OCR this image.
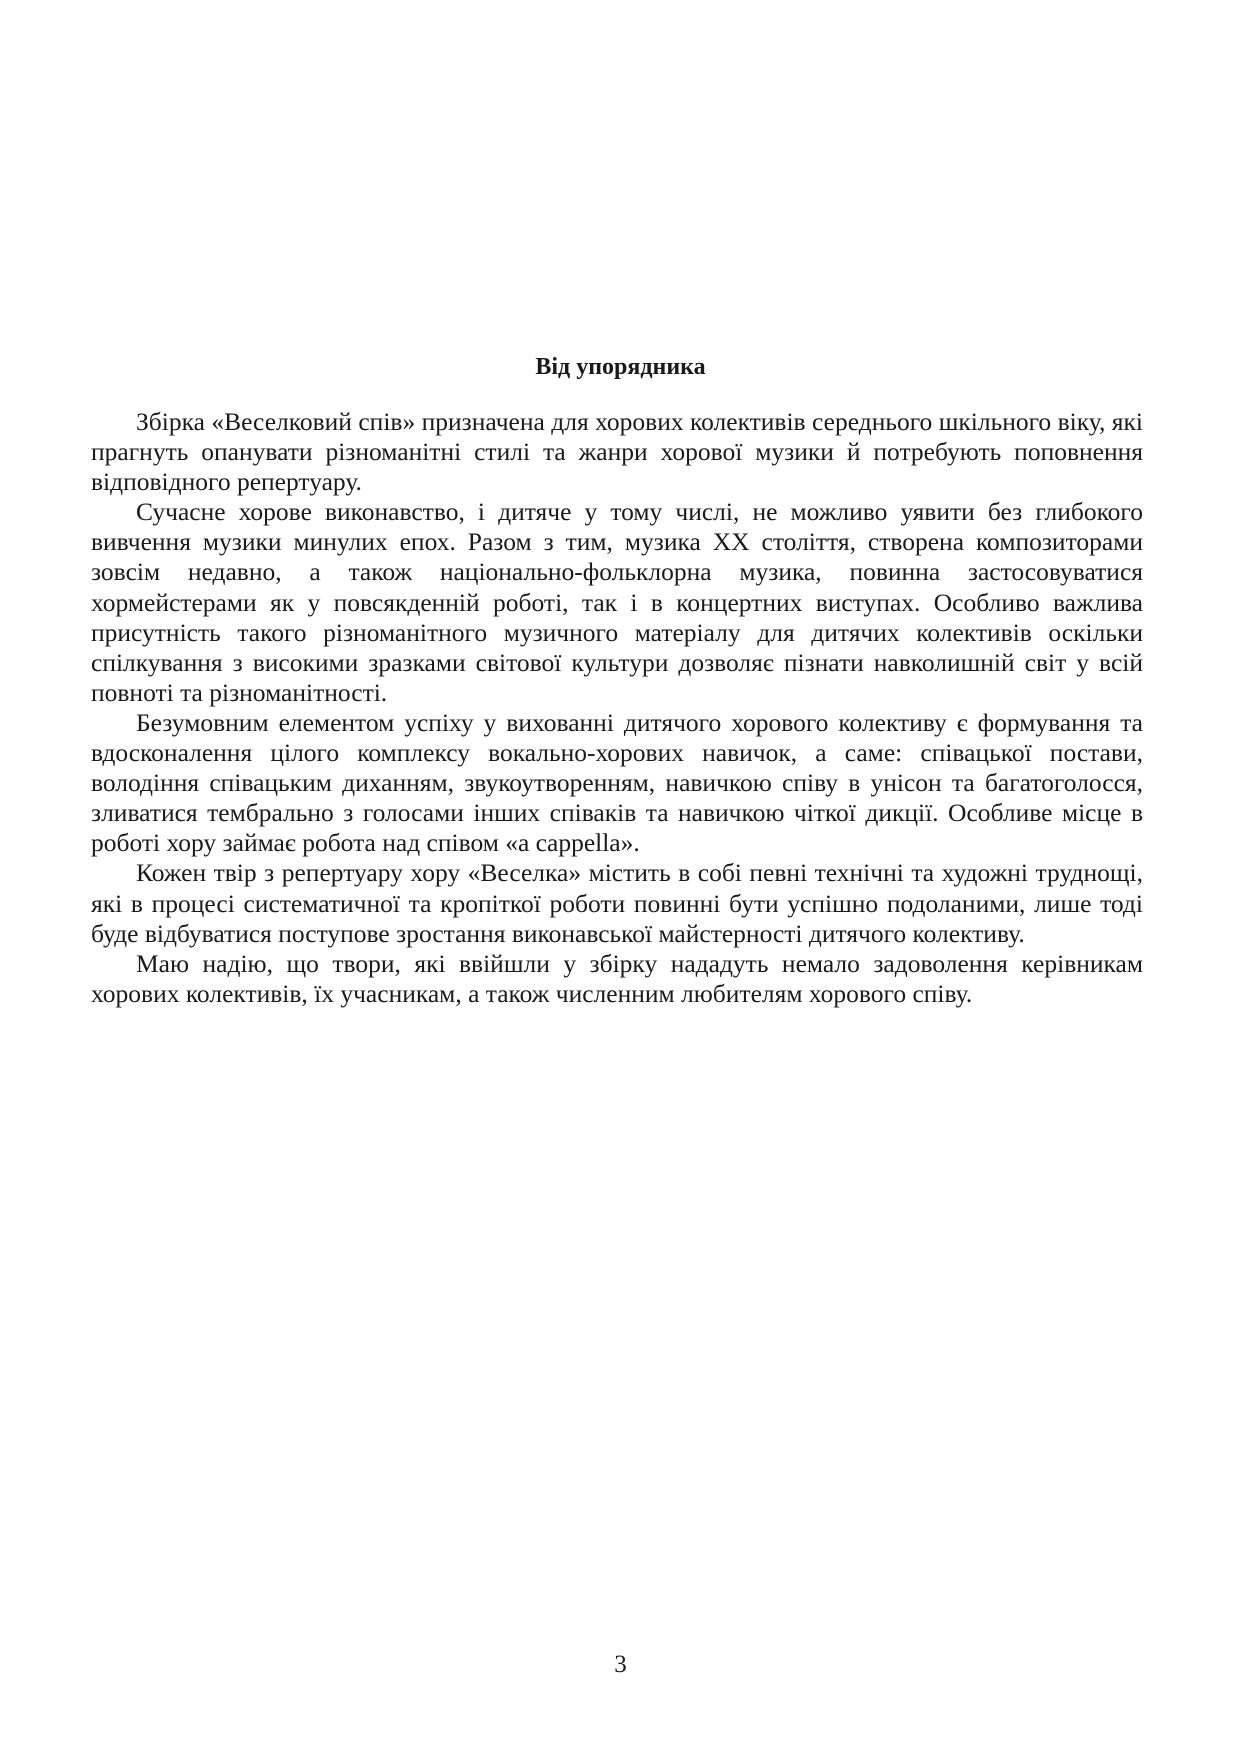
Від упорядника

Збірка «Веселковий спів» призначена для хорових колективів середнього шкільного віку, які прагнуть опанувати різноманітні стилі та жанри хорової музики й потребують поповнення відповідного репертуару.

Сучасне хорове виконавство, і дитяче у тому числі, не можливо уявити без глибокого вивчення музики минулих епох. Разом з тим, музика XX століття, створена композиторами зовсім недавно, а також національно-фольклорна музика, повинна застосовуватися хормейстерами як у повсякденній роботі, так і в концертних виступах. Особливо важлива присутність такого різноманітного музичного матеріалу для дитячих колективів оскільки спілкування з високими зразками світової культури дозволяє пізнати навколишній світ у всій повноті та різноманітності.

Безумовним елементом успіху у вихованні дитячого хорового колективу є формування та вдосконалення цілого комплексу вокально-хорових навичок, а саме: співацької постави, володіння співацьким диханням, звукоутворенням, навичкою співу в унісон та багатоголосся, зливатися тембрально з голосами інших співаків та навичкою чіткої дикції. Особливе місце в роботі хору займає робота над співом «a cappella».

Кожен твір з репертуару хору «Веселка» містить в собі певні технічні та художні труднощі, які в процесі систематичної та кропіткої роботи повинні бути успішно подоланими, лише тоді буде відбуватися поступове зростання виконавської майстерності дитячого колективу.

Маю надію, що твори, які ввійшли у збірку нададуть немало задоволення керівникам хорових колективів, їх учасникам, а також численним любителям хорового співу.

3
